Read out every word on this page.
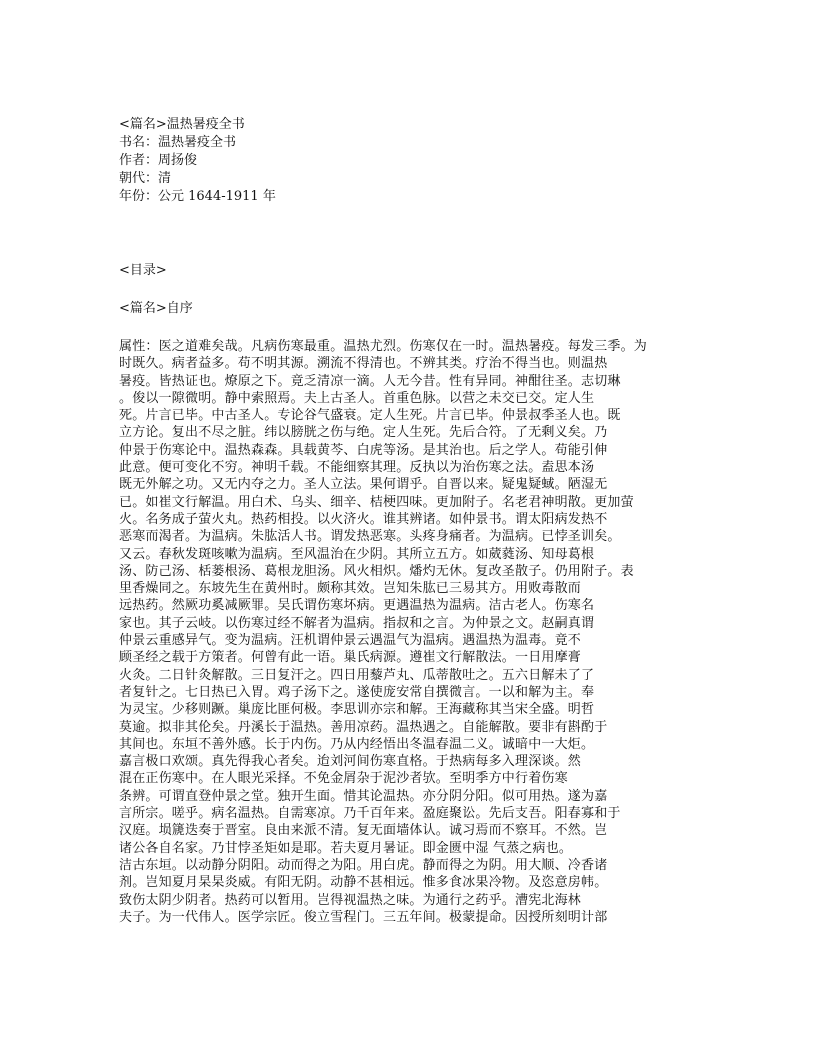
<篇名>温热暑疫全书
书名：温热暑疫全书
作者：周扬俊
朝代：清
年份：公元 1644-1911 年
<目录>
<篇名>自序
属性：医之道难矣哉。凡病伤寒最重。温热尤烈。伤寒仅在一时。温热暑疫。每发三季。为
时既久。病者益多。苟不明其源。溯流不得清也。不辨其类。疗治不得当也。则温热
暑疫。皆热证也。燎原之下。竟乏清凉一滴。人无今昔。性有异同。神酣往圣。志切琳
。俊以一隙微明。静中索照焉。夫上古圣人。首重色脉。以营之未交已交。定人生
死。片言已毕。中古圣人。专论谷气盛衰。定人生死。片言已毕。仲景叔季圣人也。既
立方论。复出不尽之脏。纬以膀胱之伤与绝。定人生死。先后合符。了无剩义矣。乃
仲景于伤寒论中。温热森森。具载黄芩、白虎等汤。是其治也。后之学人。苟能引伸
此意。便可变化不穷。神明千载。不能细察其理。反执以为治伤寒之法。盍思本汤
既无外解之功。又无内夺之力。圣人立法。果何谓乎。自晋以来。疑鬼疑蜮。陋湿无
已。如崔文行解温。用白术、乌头、细辛、桔梗四味。更加附子。名老君神明散。更加萤
火。名务成子萤火丸。热药相投。以火济火。谁其辨诸。如仲景书。谓太阳病发热不
恶寒而渴者。为温病。朱肱活人书。谓发热恶寒。头疼身痛者。为温病。已悖圣训矣。
又云。春秋发斑咳嗽为温病。至风温治在少阴。其所立五方。如葳蕤汤、知母葛根
汤、防己汤、栝蒌根汤、葛根龙胆汤。风火相炽。燔灼无休。复改圣散子。仍用附子。表
里香燥同之。东坡先生在黄州时。颇称其效。岂知朱肱已三易其方。用败毒散而
远热药。然厥功奚减厥罪。吴氏谓伤寒坏病。更遇温热为温病。洁古老人。伤寒名
家也。其子云岐。以伤寒过经不解者为温病。指叔和之言。为仲景之文。赵嗣真谓
仲景云重感异气。变为温病。汪机谓仲景云遇温气为温病。遇温热为温毒。竟不
顾圣经之载于方策者。何曾有此一语。巢氏病源。遵崔文行解散法。一日用摩膏
火灸。二日针灸解散。三日复汗之。四日用藜芦丸、瓜蒂散吐之。五六日解未了了
者复针之。七日热已入胃。鸡子汤下之。遂使庞安常自撰微言。一以和解为主。奉
为灵宝。少移则蹶。巢庞比匪何极。李思训亦宗和解。王海藏称其当宋全盛。明哲
莫逾。拟非其伦矣。丹溪长于温热。善用凉药。温热遇之。自能解散。要非有斟酌于
其间也。东垣不善外感。长于内伤。乃从内经悟出冬温春温二义。诚暗中一大炬。
嘉言极口欢颂。真先得我心者矣。迨刘河间伤寒直格。于热病每多入理深谈。然
混在正伤寒中。在人眼光采择。不免金屑杂于泥沙者欤。至明季方中行着伤寒
条辨。可谓直登仲景之堂。独开生面。惜其论温热。亦分阴分阳。似可用热。遂为嘉
言所宗。嗟乎。病名温热。自需寒凉。乃千百年来。盈庭聚讼。先后支吾。阳春寡和于
汉庭。埙篪迭奏于晋室。良由来派不清。复无面墙体认。诚习焉而不察耳。不然。岂
诸公各自名家。乃甘悖圣矩如是耶。若夫夏月暑证。即金匮中湿 气蒸之病也。
洁古东垣。以动静分阴阳。动而得之为阳。用白虎。静而得之为阴。用大顺、冷香诸
剂。岂知夏月杲杲炎威。有阳无阴。动静不甚相远。惟多食冰果冷物。及恣意房帏。
致伤太阴少阴者。热药可以暂用。岂得视温热之味。为通行之药乎。漕宪北海林
夫子。为一代伟人。医学宗匠。俊立雪程门。三五年间。极蒙提命。因授所刻明计部
